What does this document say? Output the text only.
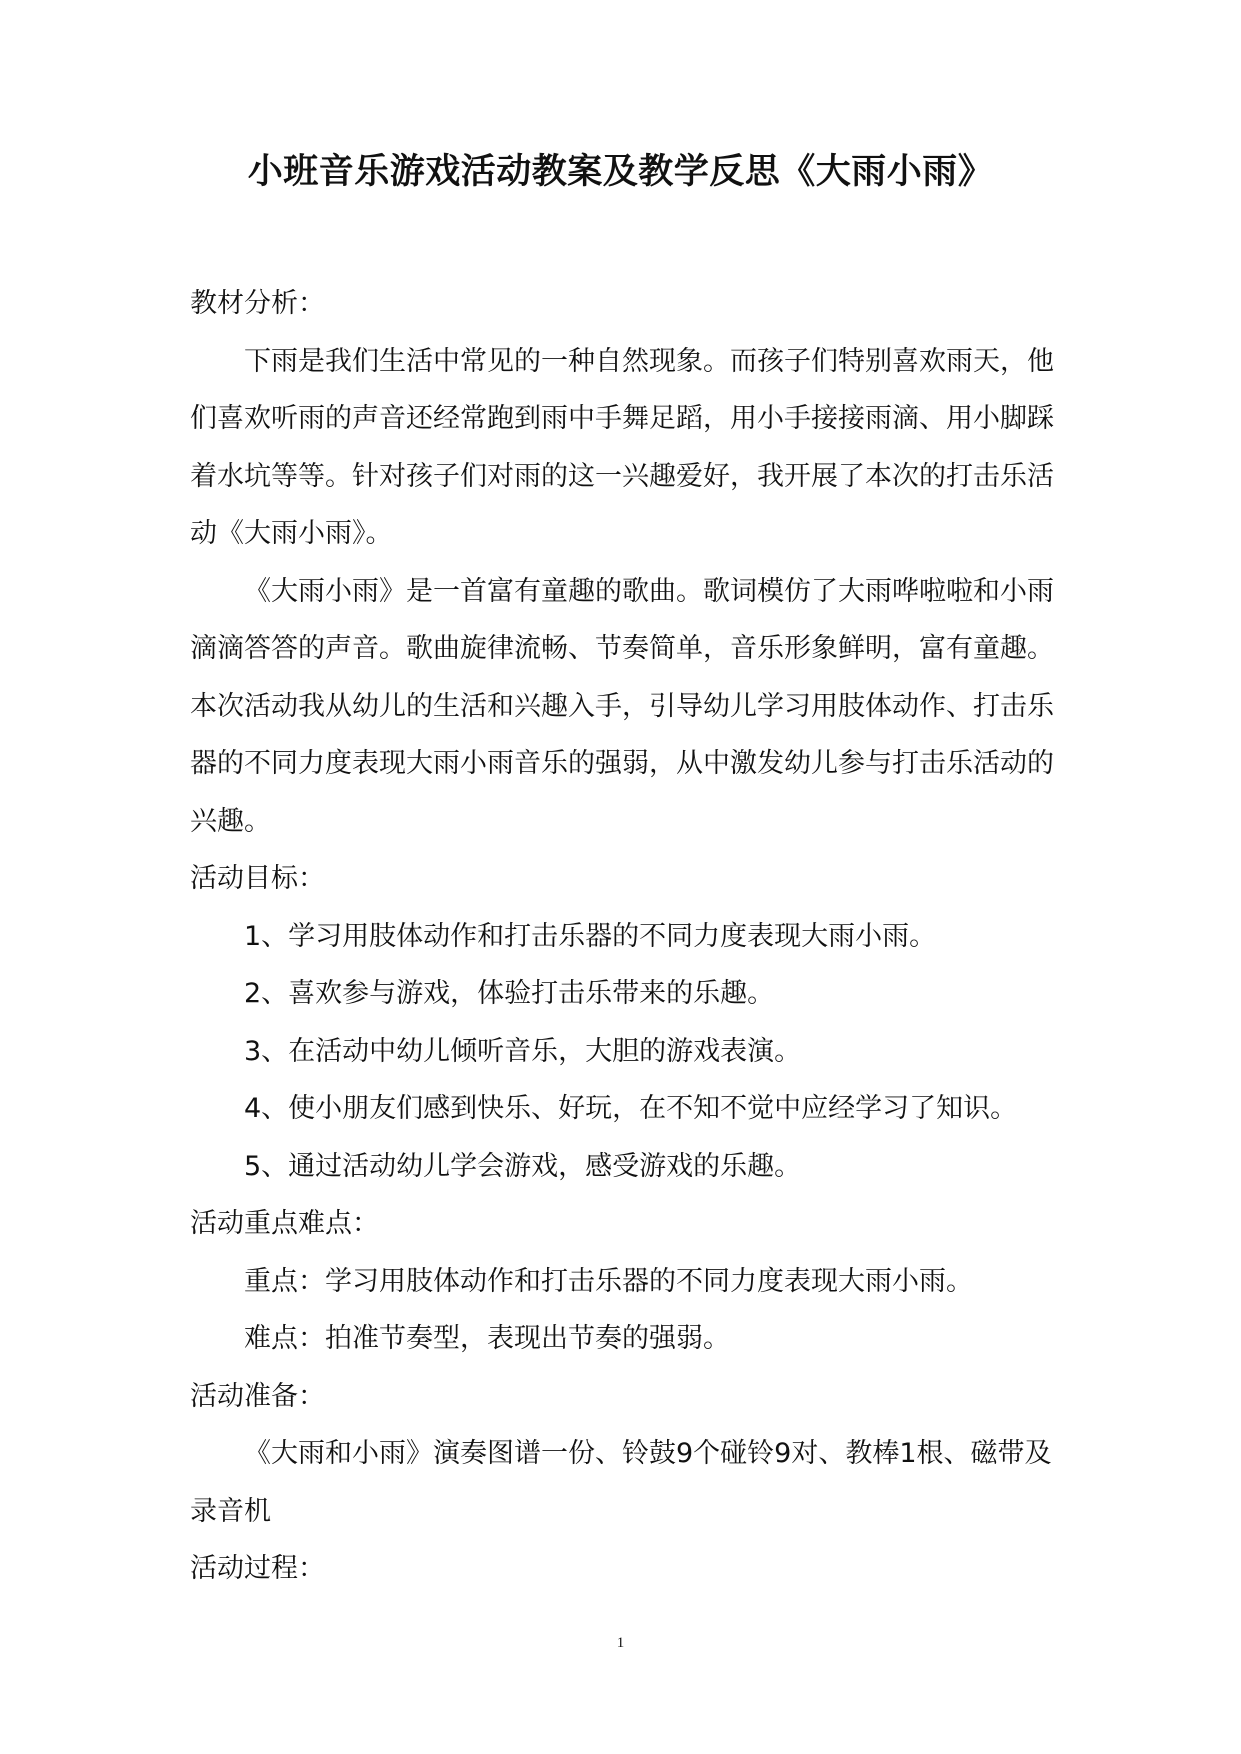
小班音乐游戏活动教案及教学反思《大雨小雨》

教材分析：

下雨是我们生活中常见的一种自然现象。而孩子们特别喜欢雨天，他们喜欢听雨的声音还经常跑到雨中手舞足蹈，用小手接接雨滴、用小脚踩着水坑等等。针对孩子们对雨的这一兴趣爱好，我开展了本次的打击乐活动《大雨小雨》。

《大雨小雨》是一首富有童趣的歌曲。歌词模仿了大雨哗啦啦和小雨滴滴答答的声音。歌曲旋律流畅、节奏简单，音乐形象鲜明，富有童趣。本次活动我从幼儿的生活和兴趣入手，引导幼儿学习用肢体动作、打击乐器的不同力度表现大雨小雨音乐的强弱，从中激发幼儿参与打击乐活动的兴趣。

活动目标：

1、学习用肢体动作和打击乐器的不同力度表现大雨小雨。

2、喜欢参与游戏，体验打击乐带来的乐趣。

3、在活动中幼儿倾听音乐，大胆的游戏表演。

4、使小朋友们感到快乐、好玩，在不知不觉中应经学习了知识。

5、通过活动幼儿学会游戏，感受游戏的乐趣。

活动重点难点：

重点：学习用肢体动作和打击乐器的不同力度表现大雨小雨。

难点：拍准节奏型，表现出节奏的强弱。

活动准备：

《大雨和小雨》演奏图谱一份、铃鼓9个碰铃9对、教棒1根、磁带及录音机

活动过程：

1
